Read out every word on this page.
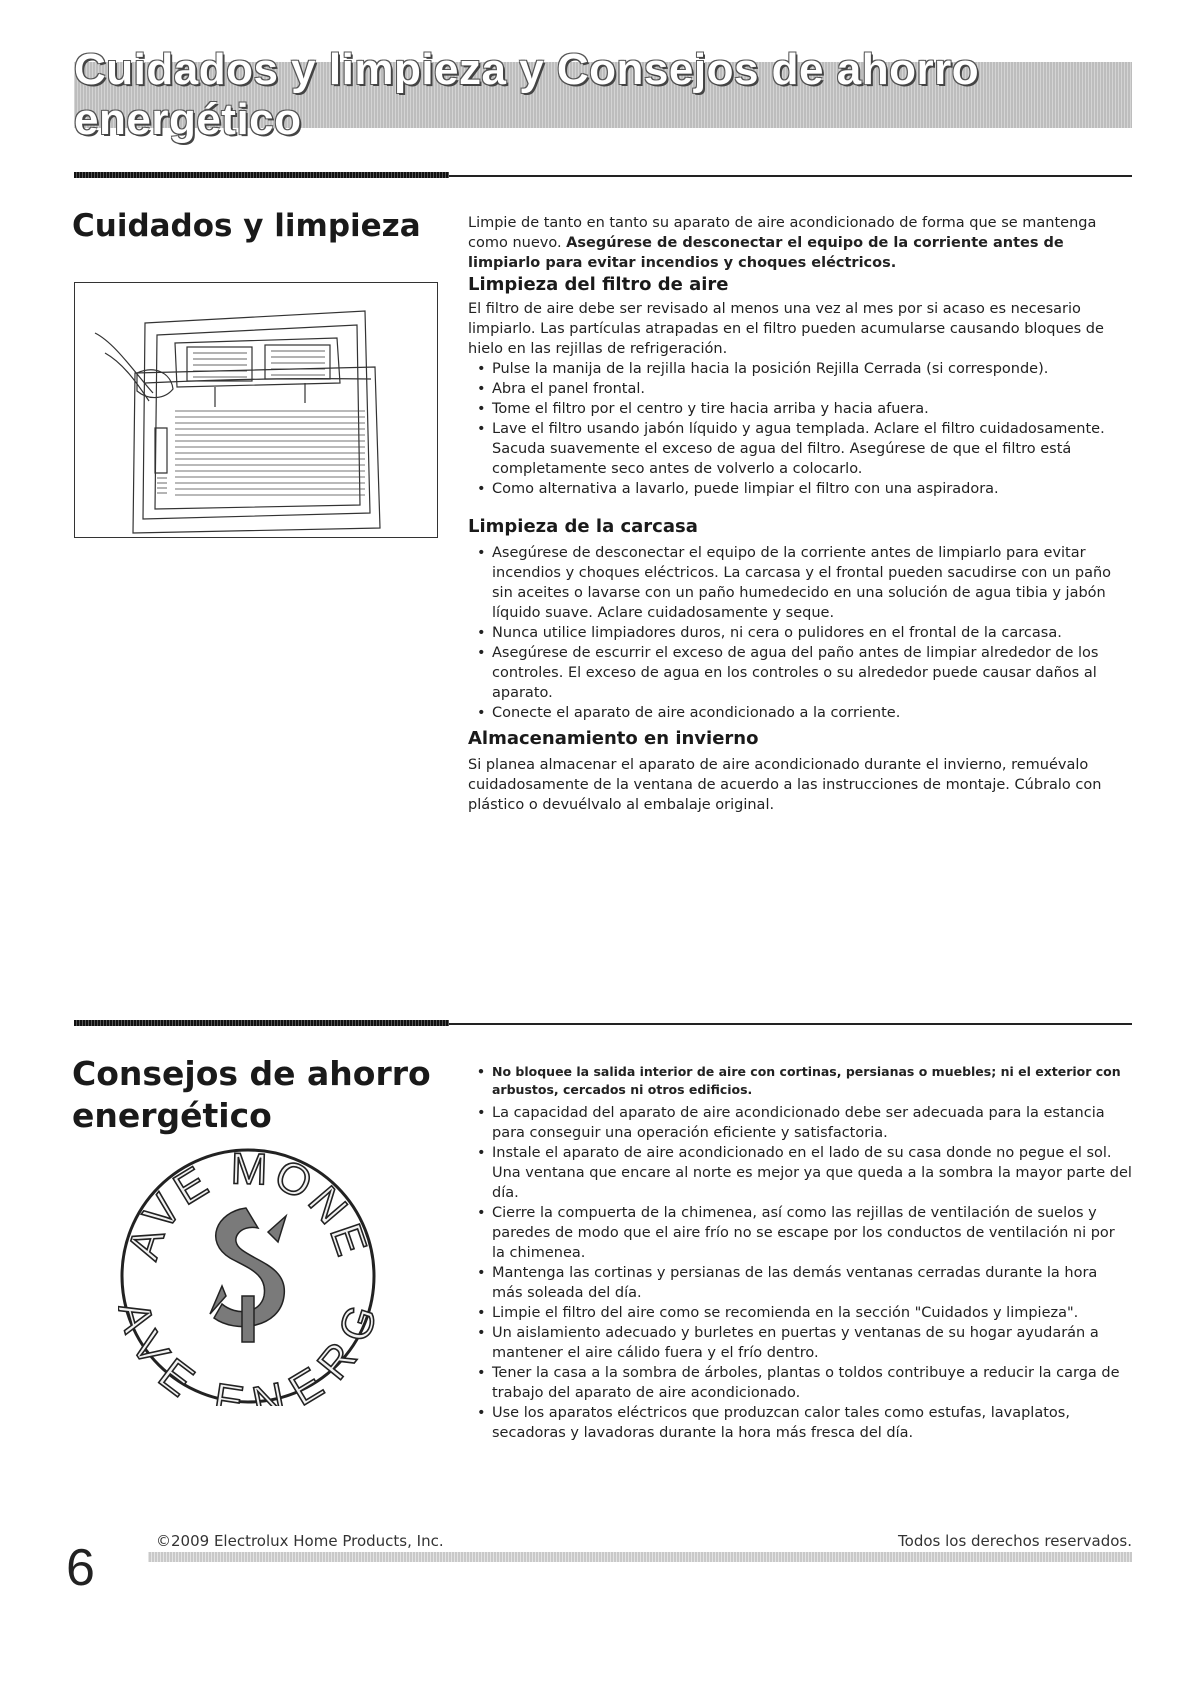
Cuidados y limpieza y Consejos de ahorro energético
Cuidados y limpieza	Limpie de tanto en tanto su aparato de aire acondicionado de forma que se mantenga como nuevo. Asegúrese de desconectar el equipo de la corriente antes de limpiarlo para evitar incendios y choques eléctricos.

Limpieza del filtro de aire

El filtro de aire debe ser revisado al menos una vez al mes por si acaso es necesario limpiarlo. Las partículas atrapadas en el filtro pueden acumularse causando bloques de hielo en las rejillas de refrigeración.

• Pulse la manija de la rejilla hacia la posición Rejilla Cerrada (si corresponde).
• Abra el panel frontal.
• Tome el filtro por el centro y tire hacia arriba y hacia afuera.
• Lave el filtro usando jabón líquido y agua templada. Aclare el filtro cuidadosamente. Sacuda suavemente el exceso de agua del filtro. Asegúrese de que el filtro está completamente seco antes de volverlo a colocarlo.
• Como alternativa a lavarlo, puede limpiar el filtro con una aspiradora.
Limpieza de la carcasa
• Asegúrese de desconectar el equipo de la corriente antes de limpiarlo para evitar incendios y choques eléctricos. La carcasa y el frontal pueden sacudirse con un paño sin aceites o lavarse con un paño humedecido en una solución de agua tibia y jabón líquido suave. Aclare cuidadosamente y seque.
• Nunca utilice limpiadores duros, ni cera o pulidores en el frontal de la carcasa.
• Asegúrese de escurrir el exceso de agua del paño antes de limpiar alrededor de los controles. El exceso de agua en los controles o su alrededor puede causar daños al aparato.
• Conecte el aparato de aire acondicionado a la corriente.
Almacenamiento en invierno

Si planea almacenar el aparato de aire acondicionado durante el invierno, remuévalo cuidadosamente de la ventana de acuerdo a las instrucciones de montaje. Cúbralo con plástico o devuélvalo al embalaje original.

Consejos de ahorro
energético
AVE MONE
VE ENER
• No bloquee la salida interior de aire con cortinas, persianas o muebles; ni el exterior con arbustos, cercados ni otros edificios.
• La capacidad del aparato de aire acondicionado debe ser adecuada para la estancia para conseguir una operación eficiente y satisfactoria.
• Instale el aparato de aire acondicionado en el lado de su casa donde no pegue el sol. Una ventana que encare al norte es mejor ya que queda a la sombra la mayor parte del día.
• Cierre la compuerta de la chimenea, así como las rejillas de ventilación de suelos y paredes de modo que el aire frío no se escape por los conductos de ventilación ni por la chimenea.
• Mantenga las cortinas y persianas de las demás ventanas cerradas durante la hora más soleada del día.
• Limpie el filtro del aire como se recomienda en la sección "Cuidados y limpieza".
• Un aislamiento adecuado y burletes en puertas y ventanas de su hogar ayudarán a mantener el aire cálido fuera y el frío dentro.
• Tener la casa a la sombra de árboles, plantas o toldos contribuye a reducir la carga de trabajo del aparato de aire acondicionado.
• Use los aparatos eléctricos que produzcan calor tales como estufas, lavaplatos, secadoras y lavadoras durante la hora más fresca del día.
6	©2009 Electrolux Home Products, Inc.	Todos los derechos reservados.
